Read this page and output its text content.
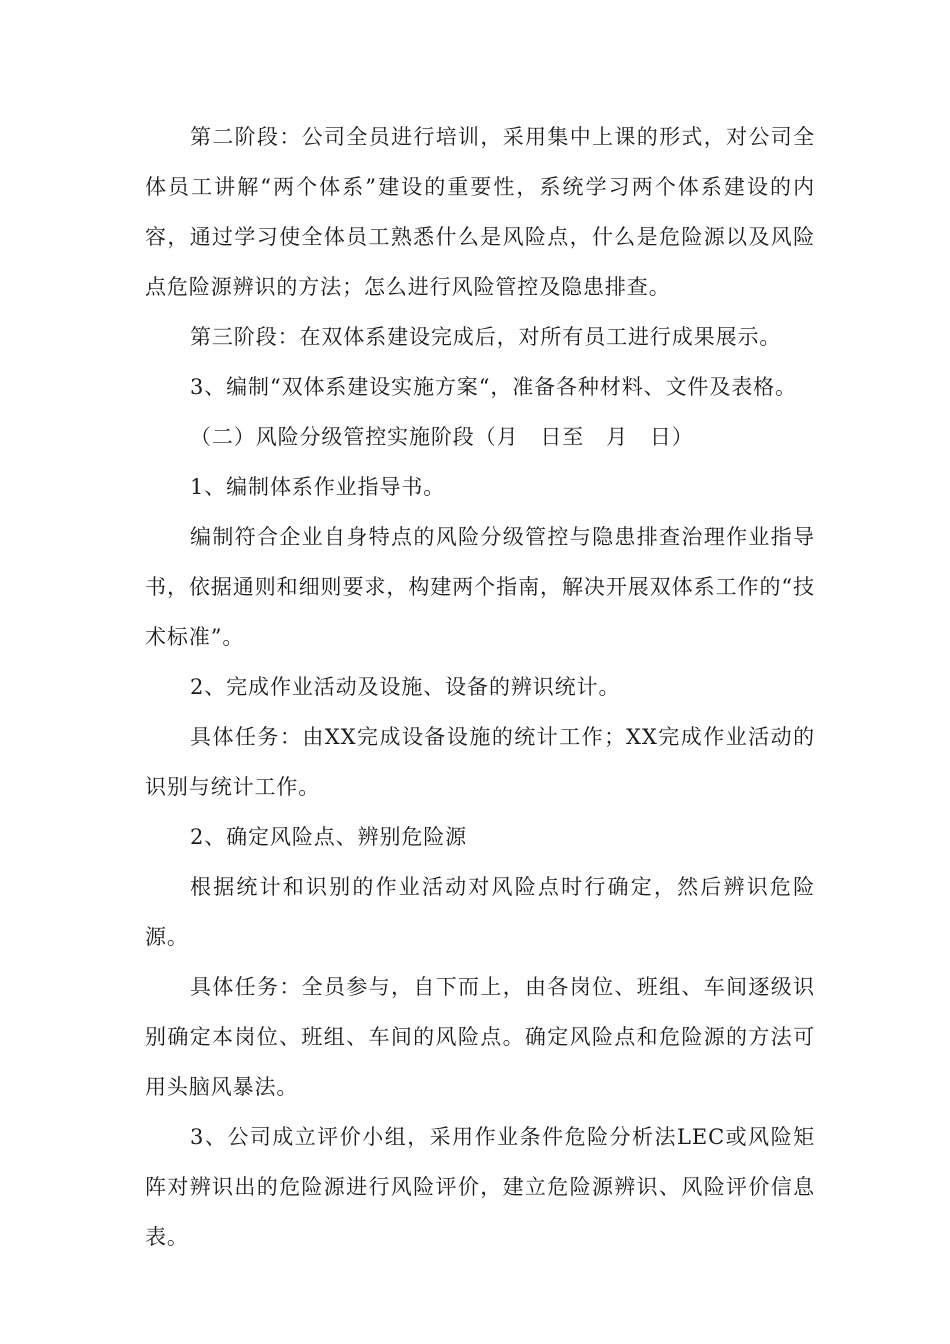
第二阶段：公司全员进行培训，采用集中上课的形式，对公司全体员工讲解“两个体系”建设的重要性，系统学习两个体系建设的内容，通过学习使全体员工熟悉什么是风险点，什么是危险源以及风险点危险源辨识的方法；怎么进行风险管控及隐患排查。

第三阶段：在双体系建设完成后，对所有员工进行成果展示。

3、编制“双体系建设实施方案“，准备各种材料、文件及表格。

（二）风险分级管控实施阶段（月　日至　月　日）

1、编制体系作业指导书。

编制符合企业自身特点的风险分级管控与隐患排查治理作业指导书，依据通则和细则要求，构建两个指南，解决开展双体系工作的“技术标准”。

2、完成作业活动及设施、设备的辨识统计。

具体任务：由XX完成设备设施的统计工作；XX完成作业活动的识别与统计工作。

2、确定风险点、辨别危险源

根据统计和识别的作业活动对风险点时行确定，然后辨识危险源。

具体任务：全员参与，自下而上，由各岗位、班组、车间逐级识别确定本岗位、班组、车间的风险点。确定风险点和危险源的方法可用头脑风暴法。

3、公司成立评价小组，采用作业条件危险分析法LEC或风险矩阵对辨识出的危险源进行风险评价，建立危险源辨识、风险评价信息表。
